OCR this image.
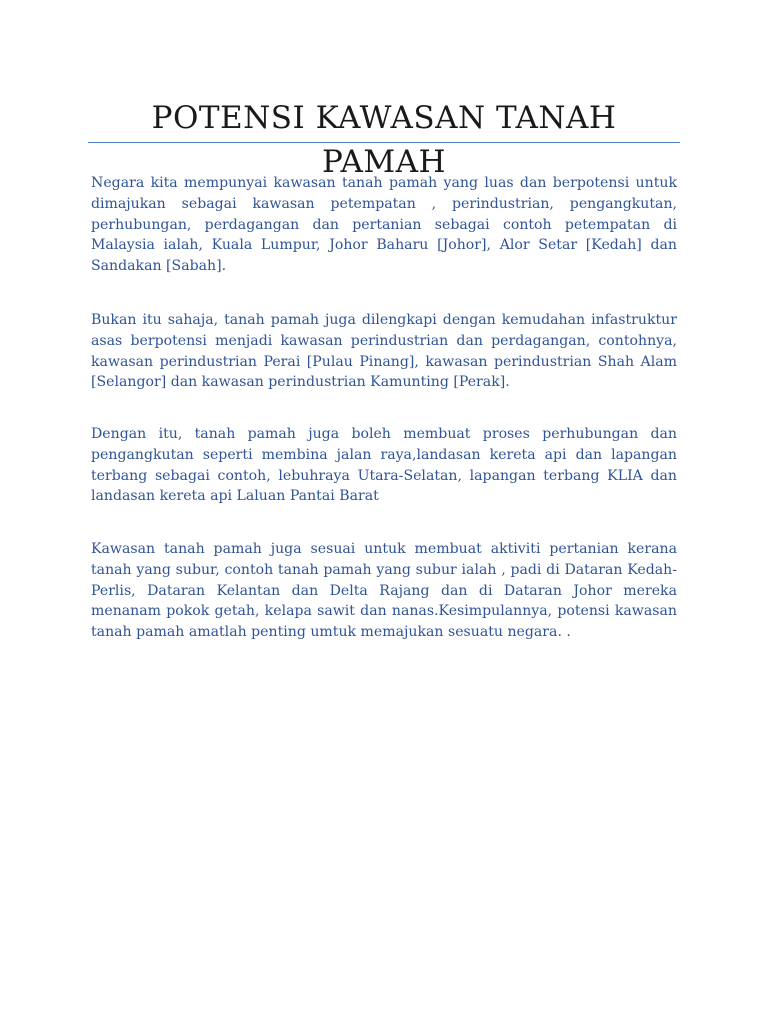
POTENSI KAWASAN TANAH PAMAH

Negara kita mempunyai kawasan tanah pamah yang luas dan berpotensi untuk dimajukan sebagai kawasan petempatan , perindustrian, pengangkutan, perhubungan, perdagangan dan pertanian sebagai contoh petempatan di Malaysia ialah, Kuala Lumpur, Johor Baharu [Johor], Alor Setar [Kedah] dan Sandakan [Sabah].

Bukan itu sahaja, tanah pamah juga dilengkapi dengan kemudahan infastruktur asas berpotensi menjadi kawasan perindustrian dan perdagangan, contohnya, kawasan perindustrian Perai [Pulau Pinang], kawasan perindustrian Shah Alam [Selangor] dan kawasan perindustrian Kamunting [Perak].

Dengan itu, tanah pamah juga boleh membuat proses perhubungan dan pengangkutan seperti membina jalan raya,landasan kereta api dan lapangan terbang sebagai contoh, lebuhraya Utara-Selatan, lapangan terbang KLIA dan landasan kereta api Laluan Pantai Barat

Kawasan tanah pamah juga sesuai untuk membuat aktiviti pertanian kerana tanah yang subur, contoh tanah pamah yang subur ialah , padi di Dataran Kedah-Perlis, Dataran Kelantan dan Delta Rajang dan di Dataran Johor mereka menanam pokok getah, kelapa sawit dan nanas.Kesimpulannya, potensi kawasan tanah pamah amatlah penting umtuk memajukan sesuatu negara. .
